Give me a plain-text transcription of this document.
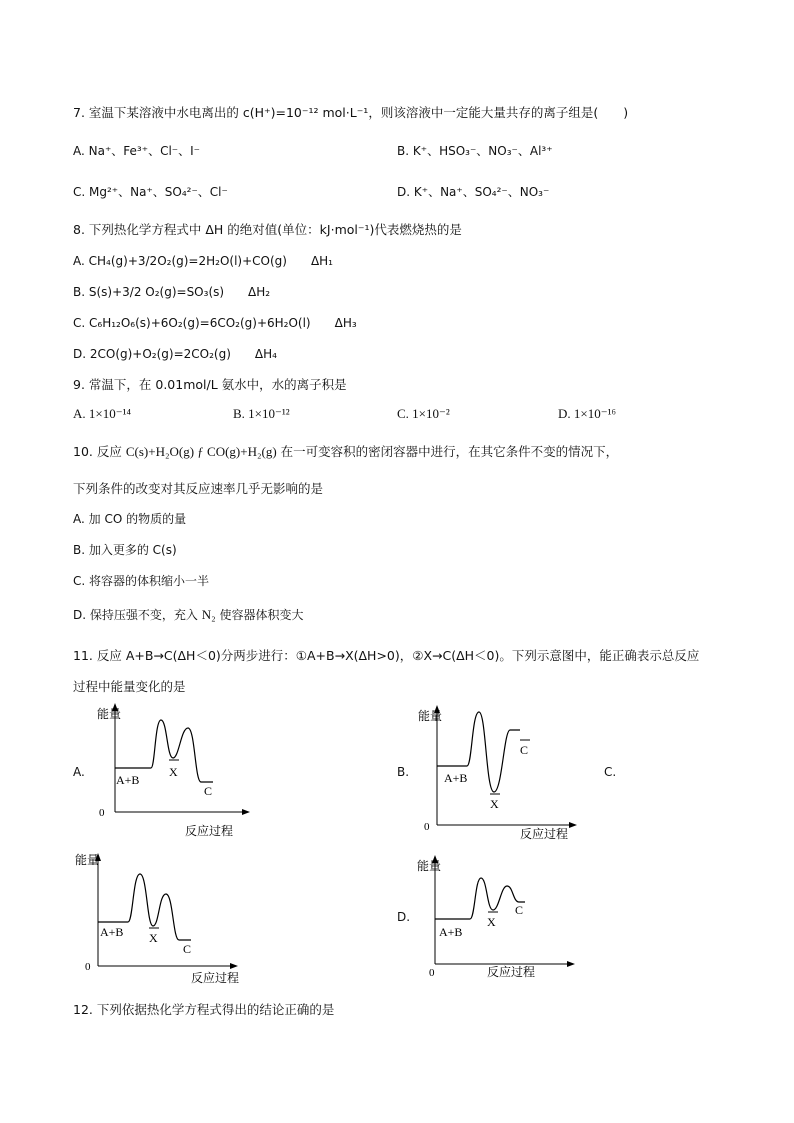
7. 室温下某溶液中水电离出的 c(H⁺)=10⁻¹² mol·L⁻¹，则该溶液中一定能大量共存的离子组是(　　)
A. Na⁺、Fe³⁺、Cl⁻、I⁻	B. K⁺、HSO₃⁻、NO₃⁻、Al³⁺
C. Mg²⁺、Na⁺、SO₄²⁻、Cl⁻	D. K⁺、Na⁺、SO₄²⁻、NO₃⁻
8. 下列热化学方程式中 ΔH 的绝对值(单位：kJ·mol⁻¹)代表燃烧热的是
A. CH₄(g)+3/2O₂(g)=2H₂O(l)+CO(g)　　ΔH₁
B. S(s)+3/2 O₂(g)=SO₃(s)　　ΔH₂
C. C₆H₁₂O₆(s)+6O₂(g)=6CO₂(g)+6H₂O(l)　　ΔH₃
D. 2CO(g)+O₂(g)=2CO₂(g)　　ΔH₄
9. 常温下，在 0.01mol/L 氨水中，水的离子积是
A. 1×10⁻¹⁴	B. 1×10⁻¹²	C. 1×10⁻²	D. 1×10⁻¹⁶
10. 反应 C(s)+H₂O(g) ƒ CO(g)+H₂(g) 在一可变容积的密闭容器中进行，在其它条件不变的情况下，
下列条件的改变对其反应速率几乎无影响的是
A. 加 CO 的物质的量
B. 加入更多的 C(s)
C. 将容器的体积缩小一半
D. 保持压强不变，充入 N₂ 使容器体积变大
11. 反应 A+B→C(ΔH＜0)分两步进行：①A+B→X(ΔH>0)，②X→C(ΔH＜0)。下列示意图中，能正确表示总反应
过程中能量变化的是
A.	B.	C.
D.
能量
A+B
X
C
0
反应过程
能量
A+B
X
C
0	反应过程
能量
A+B X
C
0
反应过程
能量
A+B
X
C
0	反应过程
12. 下列依据热化学方程式得出的结论正确的是
